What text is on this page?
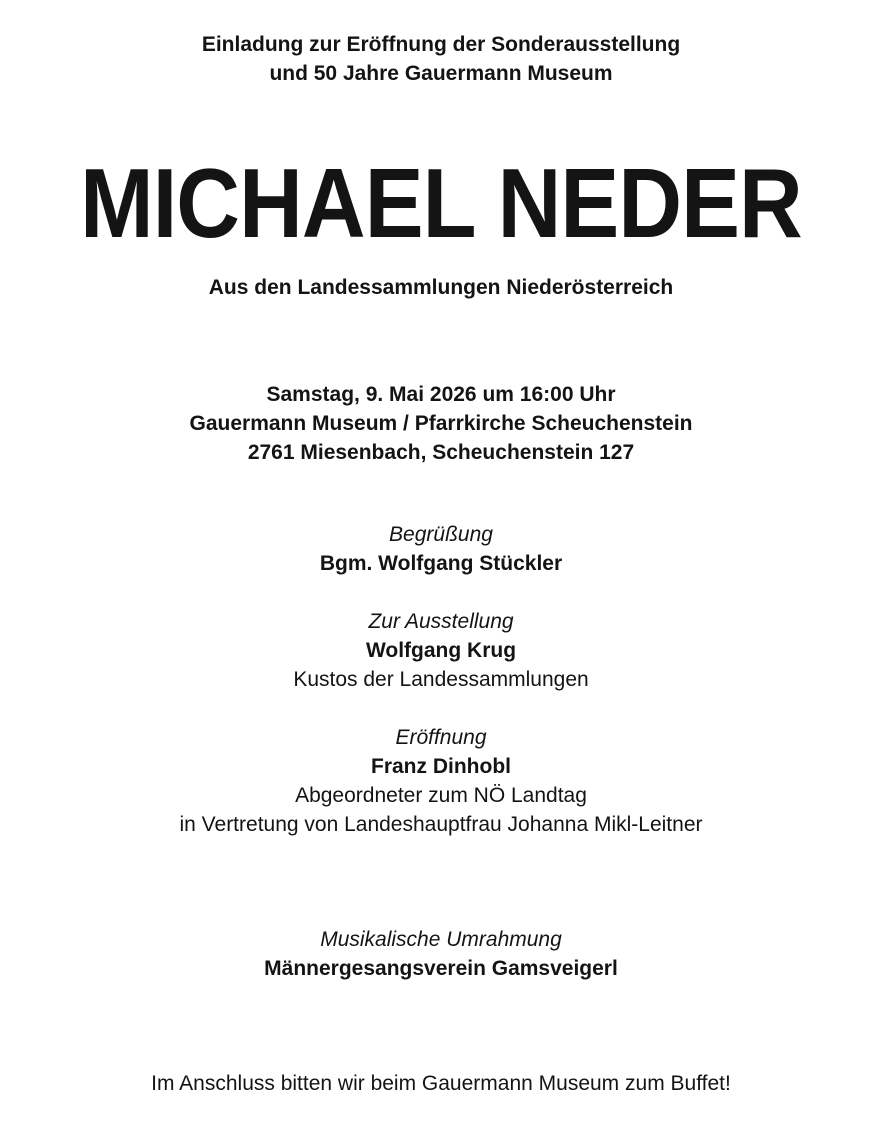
Einladung zur Eröffnung der Sonderausstellung
und 50 Jahre Gauermann Museum
MICHAEL NEDER
Aus den Landessammlungen Niederösterreich
Samstag, 9. Mai 2026 um 16:00 Uhr
Gauermann Museum / Pfarrkirche Scheuchenstein
2761 Miesenbach, Scheuchenstein 127
Begrüßung
Bgm. Wolfgang Stückler
Zur Ausstellung
Wolfgang Krug
Kustos der Landessammlungen
Eröffnung
Franz Dinhobl
Abgeordneter zum NÖ Landtag
in Vertretung von Landeshauptfrau Johanna Mikl-Leitner
Musikalische Umrahmung
Männergesangsverein Gamsveigerl
Im Anschluss bitten wir beim Gauermann Museum zum Buffet!
